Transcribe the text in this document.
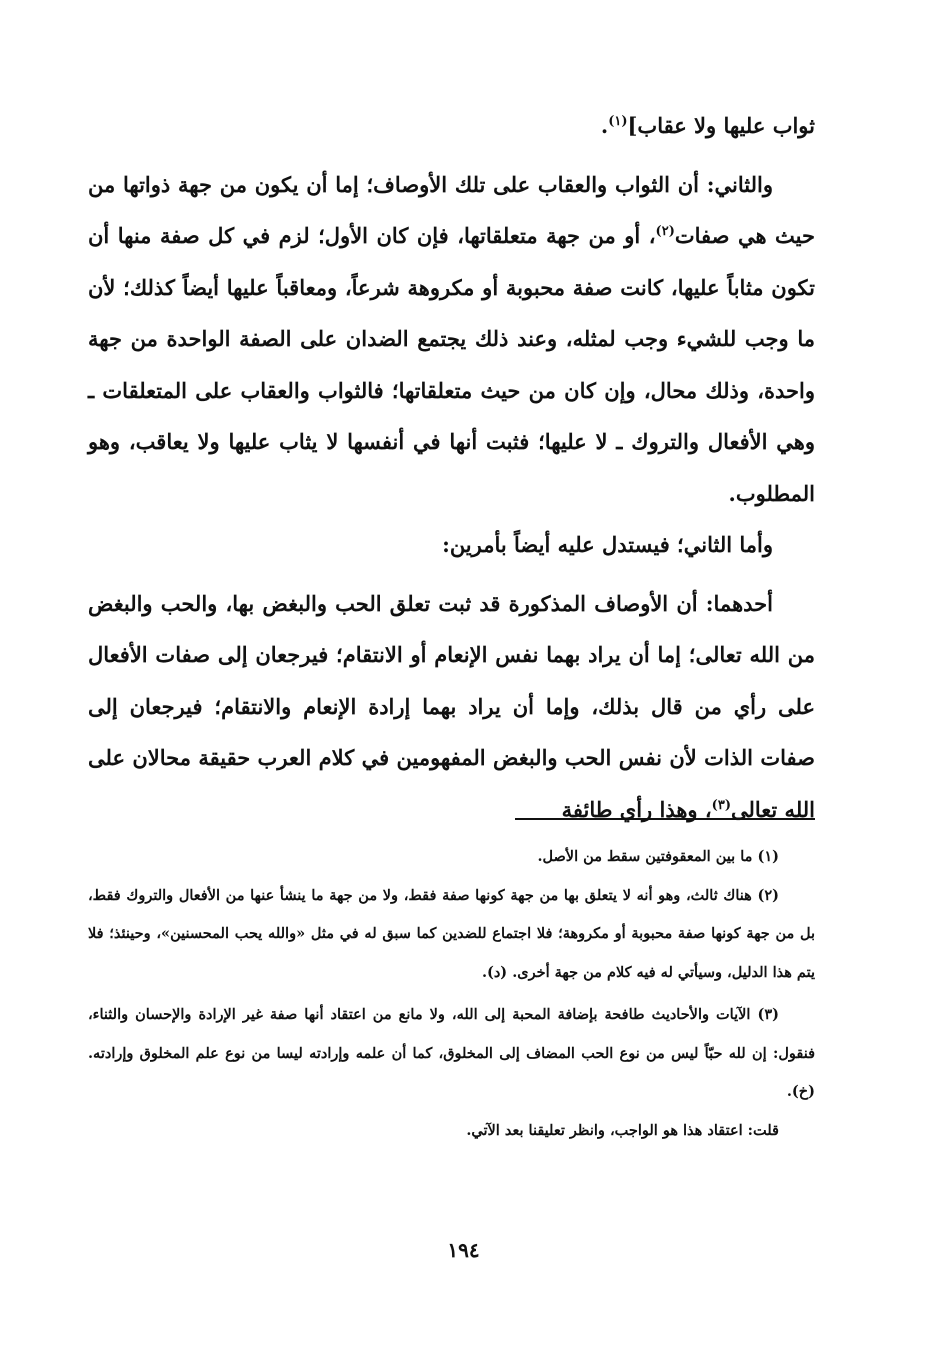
ثواب عليها ولا عقاب]$^{(١)}$.

والثاني: أن الثواب والعقاب على تلك الأوصاف؛ إما أن يكون من جهة ذواتها من حيث هي صفات$^{(٢)}$، أو من جهة متعلقاتها، فإن كان الأول؛ لزم في كل صفة منها أن تكون مثاباً عليها، كانت صفة محبوبة أو مكروهة شرعاً، ومعاقباً عليها أيضاً كذلك؛ لأن ما وجب للشيء وجب لمثله، وعند ذلك يجتمع الضدان على الصفة الواحدة من جهة واحدة، وذلك محال، وإن كان من حيث متعلقاتها؛ فالثواب والعقاب على المتعلقات ـ وهي الأفعال والتروك ـ لا عليها؛ فثبت أنها في أنفسها لا يثاب عليها ولا يعاقب، وهو المطلوب.

وأما الثاني؛ فيستدل عليه أيضاً بأمرين:

أحدهما: أن الأوصاف المذكورة قد ثبت تعلق الحب والبغض بها، والحب والبغض من الله تعالى؛ إما أن يراد بهما نفس الإنعام أو الانتقام؛ فيرجعان إلى صفات الأفعال على رأي من قال بذلك، وإما أن يراد بهما إرادة الإنعام والانتقام؛ فيرجعان إلى صفات الذات لأن نفس الحب والبغض المفهومين في كلام العرب حقيقة محالان على الله تعالى$^{(٣)}$، وهذا رأي طائفة

(١) ما بين المعقوفتين سقط من الأصل.

(٢) هناك ثالث، وهو أنه لا يتعلق بها من جهة كونها صفة فقط، ولا من جهة ما ينشأ عنها من الأفعال والتروك فقط، بل من جهة كونها صفة محبوبة أو مكروهة؛ فلا اجتماع للضدين كما سبق له في مثل «والله يحب المحسنين»، وحينئذ؛ فلا يتم هذا الدليل، وسيأتي له فيه كلام من جهة أخرى. (د).

(٣) الآيات والأحاديث طافحة بإضافة المحبة إلى الله، ولا مانع من اعتقاد أنها صفة غير الإرادة والإحسان والثناء، فنقول: إن لله حبّاً ليس من نوع الحب المضاف إلى المخلوق، كما أن علمه وإرادته ليسا من نوع علم المخلوق وإرادته. (خ).

قلت: اعتقاد هذا هو الواجب، وانظر تعليقنا بعد الآتي.

١٩٤
